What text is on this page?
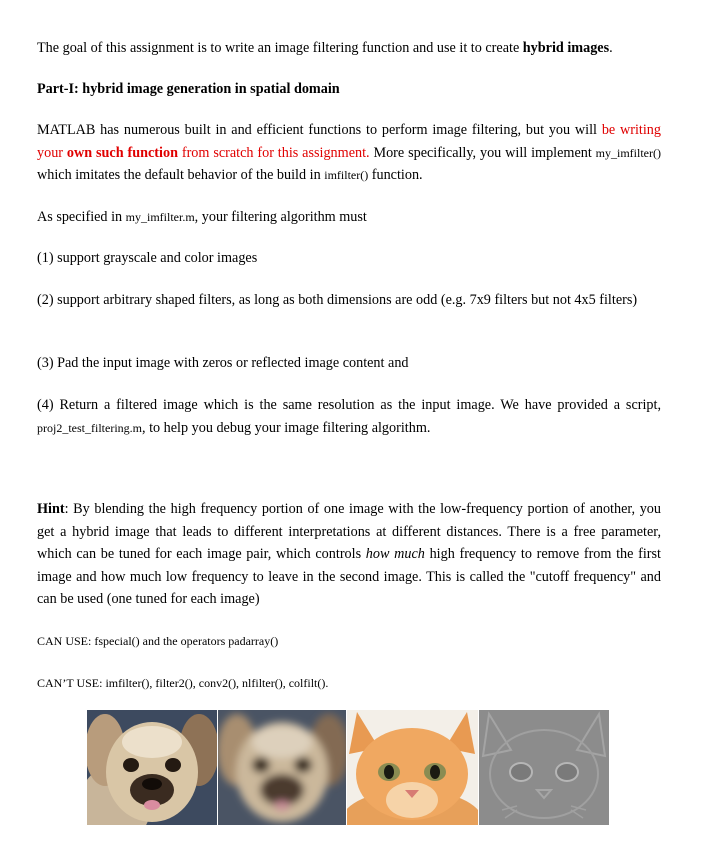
The goal of this assignment is to write an image filtering function and use it to create hybrid images.

Part-I: hybrid image generation in spatial domain

MATLAB has numerous built in and efficient functions to perform image filtering, but you will be writing your own such function from scratch for this assignment. More specifically, you will implement my_imfilter() which imitates the default behavior of the build in imfilter() function.

As specified in my_imfilter.m, your filtering algorithm must

(1) support grayscale and color images

(2) support arbitrary shaped filters, as long as both dimensions are odd (e.g. 7x9 filters but not 4x5 filters)

(3) Pad the input image with zeros or reflected image content and

(4) Return a filtered image which is the same resolution as the input image. We have provided a script, proj2_test_filtering.m, to help you debug your image filtering algorithm.

Hint: By blending the high frequency portion of one image with the low-frequency portion of another, you get a hybrid image that leads to different interpretations at different distances. There is a free parameter, which can be tuned for each image pair, which controls how much high frequency to remove from the first image and how much low frequency to leave in the second image. This is called the "cutoff frequency" and can be used (one tuned for each image)

CAN USE: fspecial() and the operators padarray()

CAN’T USE: imfilter(), filter2(), conv2(), nlfilter(), colfilt().
